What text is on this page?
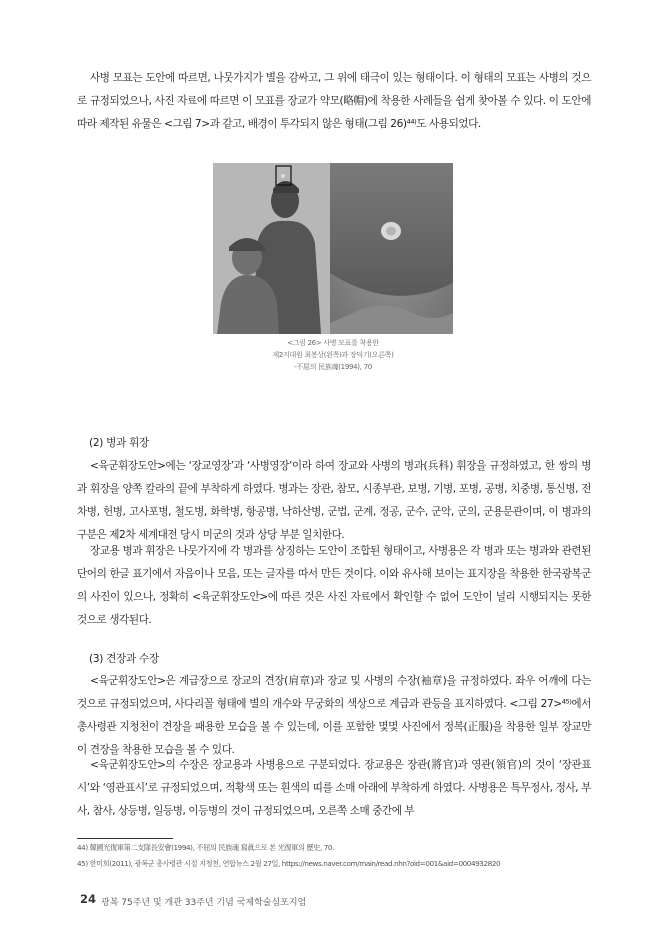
사병 모표는 도안에 따르면, 나뭇가지가 별을 감싸고, 그 위에 태극이 있는 형태이다. 이 형태의 모표는 사병의 것으로 규정되었으나, 사진 자료에 따르면 이 모표를 장교가 약모(略帽)에 착용한 사례들을 쉽게 찾아볼 수 있다. 이 도안에 따라 제작된 유물은 <그림 7>과 같고, 배경이 투각되지 않은 형태(그림 26)⁴⁴⁾도 사용되었다.

<그림 26> 사병 모표를 착용한
제2지대원 최봉상(왼쪽)과 장덕기(오른쪽)
-不屈의 民族魂(1994), 70

(2) 병과 휘장

<육군휘장도안>에는 ‘장교영장’과 ‘사병영장’이라 하여 장교와 사병의 병과(兵科) 휘장을 규정하였고, 한 쌍의 병과 휘장을 양쪽 칼라의 끝에 부착하게 하였다. 병과는 장관, 참모, 시종부관, 보병, 기병, 포병, 공병, 치중병, 통신병, 전차병, 헌병, 고사포병, 철도병, 화학병, 항공병, 낙하산병, 군법, 군계, 정공, 군수, 군악, 군의, 군용문관이며, 이 병과의 구분은 제2차 세계대전 당시 미군의 것과 상당 부분 일치한다.

장교용 병과 휘장은 나뭇가지에 각 병과를 상징하는 도안이 조합된 형태이고, 사병용은 각 병과 또는 병과와 관련된 단어의 한글 표기에서 자음이나 모음, 또는 글자를 따서 만든 것이다. 이와 유사해 보이는 표지장을 착용한 한국광복군의 사진이 있으나, 정확히 <육군휘장도안>에 따른 것은 사진 자료에서 확인할 수 없어 도안이 널리 시행되지는 못한 것으로 생각된다.

(3) 견장과 수장

<육군휘장도안>은 계급장으로 장교의 견장(肩章)과 장교 및 사병의 수장(袖章)을 규정하였다. 좌우 어깨에 다는 것으로 규정되었으며, 사다리꼴 형태에 별의 개수와 무궁화의 색상으로 계급과 관등을 표지하였다. <그림 27>⁴⁵⁾에서 총사령관 지청천이 견장을 패용한 모습을 볼 수 있는데, 이를 포함한 몇몇 사진에서 정복(正服)을 착용한 일부 장교만이 견장을 착용한 모습을 볼 수 있다.

<육군휘장도안>의 수장은 장교용과 사병용으로 구분되었다. 장교용은 장관(將官)과 영관(領官)의 것이 ‘장관표시’와 ‘영관표시’로 규정되었으며, 적황색 또는 흰색의 띠를 소매 아래에 부착하게 하였다. 사병용은 특무정사, 정사, 부사, 참사, 상등병, 일등병, 이등병의 것이 규정되었으며, 오른쪽 소매 중간에 부

44) 韓國光復軍第二支隊長安會(1994), 不屈의 民族魂 寫眞으로 본 光復軍의 歷史, 70.
45) 한미희(2011), 광복군 총사령관 시절 지청천, 연합뉴스 2월 27일, https://news.naver.com/main/read.nhn?oid=001&aid=0004932820
24 광복 75주년 및 개관 33주년 기념 국제학술심포지엄
